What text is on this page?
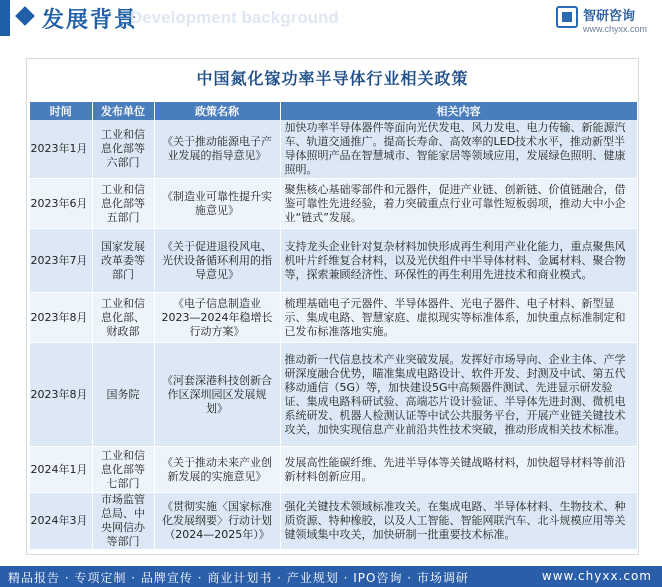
发展背景
Development background	智研咨询
www.chyxx.com
中国氮化镓功率半导体行业相关政策
时间	发布单位	政策名称	相关内容
2023年1月	工业和信息化部等六部门	《关于推动能源电子产业发展的指导意见》	加快功率半导体器件等面向光伏发电、风力发电、电力传输、新能源汽车、轨道交通推广。提高长寿命、高效率的LED技术水平，推动新型半导体照明产品在智慧城市、智能家居等领域应用，发展绿色照明、健康照明。
2023年6月	工业和信息化部等五部门	《制造业可靠性提升实施意见》	聚焦核心基础零部件和元器件，促进产业链、创新链、价值链融合，借鉴可靠性先进经验，着力突破重点行业可靠性短板弱项，推动大中小企业“链式”发展。
2023年7月	国家发展改革委等部门	《关于促进退役风电、光伏设备循环利用的指导意见》	支持龙头企业针对复杂材料加快形成再生利用产业化能力，重点聚焦风机叶片纤维复合材料，以及光伏组件中半导体材料、金属材料、聚合物等，探索兼顾经济性、环保性的再生利用先进技术和商业模式。
2023年8月	工业和信息化部、财政部	《电子信息制造业2023—2024年稳增长行动方案》	梳理基础电子元器件、半导体器件、光电子器件、电子材料、新型显示、集成电路、智慧家庭、虚拟现实等标准体系，加快重点标准制定和已发布标准落地实施。
2023年8月	国务院	《河套深港科技创新合作区深圳园区发展规划》	推动新一代信息技术产业突破发展。发挥好市场导向、企业主体、产学研深度融合优势，瞄准集成电路设计、软件开发、封测及中试、第五代移动通信（5G）等，加快建设5G中高频器件测试、先进显示研发验证、集成电路科研试验、高端芯片设计验证、半导体先进封测、微机电系统研发、机器人检测认证等中试公共服务平台，开展产业链关键技术攻关，加快实现信息产业前沿共性技术突破，推动形成相关技术标准。
2024年1月	工业和信息化部等七部门	《关于推动未来产业创新发展的实施意见》	发展高性能碳纤维、先进半导体等关键战略材料，加快超导材料等前沿新材料创新应用。
2024年3月	市场监管总局、中央网信办等部门	《贯彻实施〈国家标准化发展纲要〉行动计划（2024—2025年）》	强化关键技术领域标准攻关。在集成电路、半导体材料、生物技术、种质资源、特种橡胶，以及人工智能、智能网联汽车、北斗规模应用等关键领域集中攻关，加快研制一批重要技术标准。
精品报告 · 专项定制 · 品牌宣传 · 商业计划书 · 产业规划 · IPO咨询 · 市场调研	www.chyxx.com
